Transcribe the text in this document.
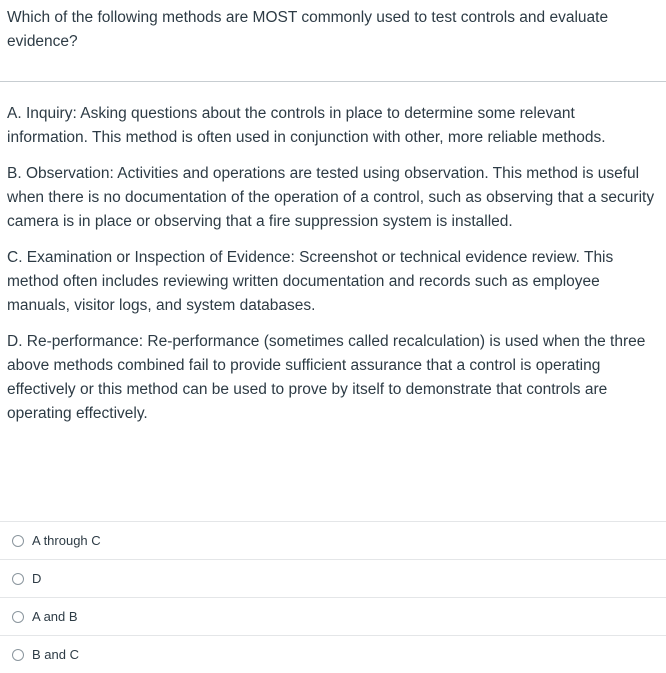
Which of the following methods are MOST commonly used to test controls and evaluate evidence?

A. Inquiry: Asking questions about the controls in place to determine some relevant information. This method is often used in conjunction with other, more reliable methods.

B. Observation: Activities and operations are tested using observation. This method is useful when there is no documentation of the operation of a control, such as observing that a security camera is in place or observing that a fire suppression system is installed.

C. Examination or Inspection of Evidence: Screenshot or technical evidence review. This method often includes reviewing written documentation and records such as employee manuals, visitor logs, and system databases.

D. Re-performance: Re-performance (sometimes called recalculation) is used when the three above methods combined fail to provide sufficient assurance that a control is operating effectively or this method can be used to prove by itself to demonstrate that controls are operating effectively.

A through C
D
A and B
B and C
